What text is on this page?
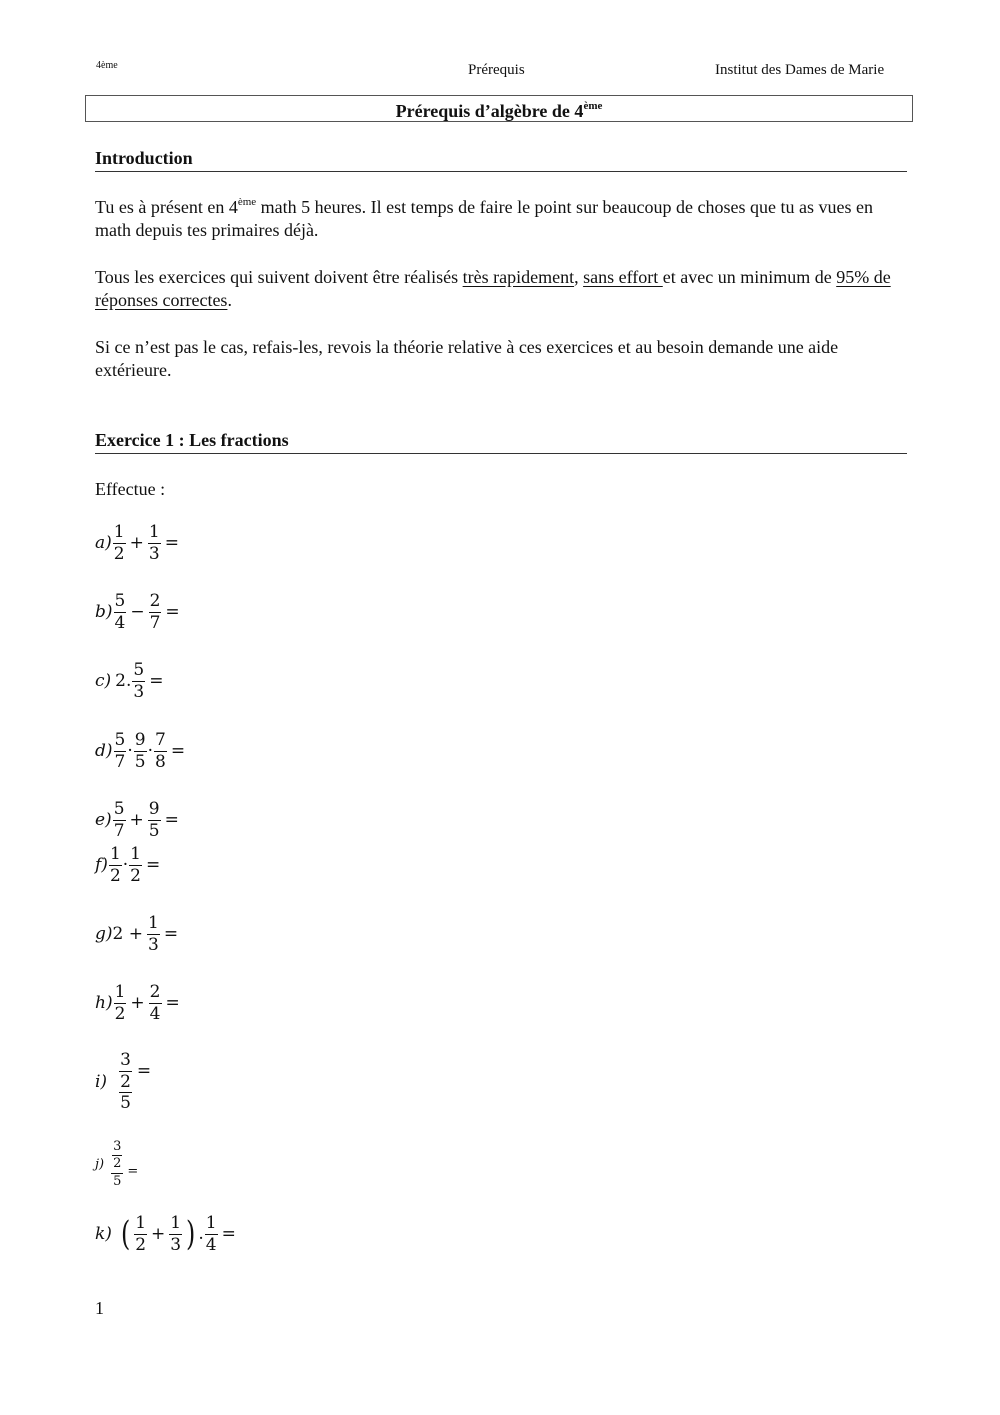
4ème	Prérequis	Institut des Dames de Marie
Prérequis d’algèbre de 4ème
Introduction
Tu es à présent en 4ème math 5 heures. Il est temps de faire le point sur beaucoup de choses que tu as vues en math depuis tes primaires déjà.
Tous les exercices qui suivent doivent être réalisés très rapidement, sans effort et avec un minimum de 95% de réponses correctes.
Si ce n’est pas le cas, refais-les, revois la théorie relative à ces exercices et au besoin demande une aide extérieure.
Exercice 1 : Les fractions
Effectue :
$a) \frac{1}{2} + \frac{1}{3}$ =
$b) \frac{5}{4} - \frac{2}{7}$ =
c) 2. $\frac{5}{3}$ =
$d) \frac{5}{7} \cdot \frac{9}{5} \cdot \frac{7}{8}$ =
$e) \frac{5}{7} + \frac{9}{5}$ =
$f) \frac{1}{2} \cdot \frac{1}{2}$ =
g) $2 + \frac{1}{3}$ =
$h) \frac{1}{2} + \frac{2}{4}$ =
$i) \frac{3}{\frac{2}{5}}$ =
$j) \frac{\frac{3}{2}}{5}$ =
k) ( $\frac{1}{2} + \frac{1}{3}$ ) . $\frac{1}{4}$ =
1
